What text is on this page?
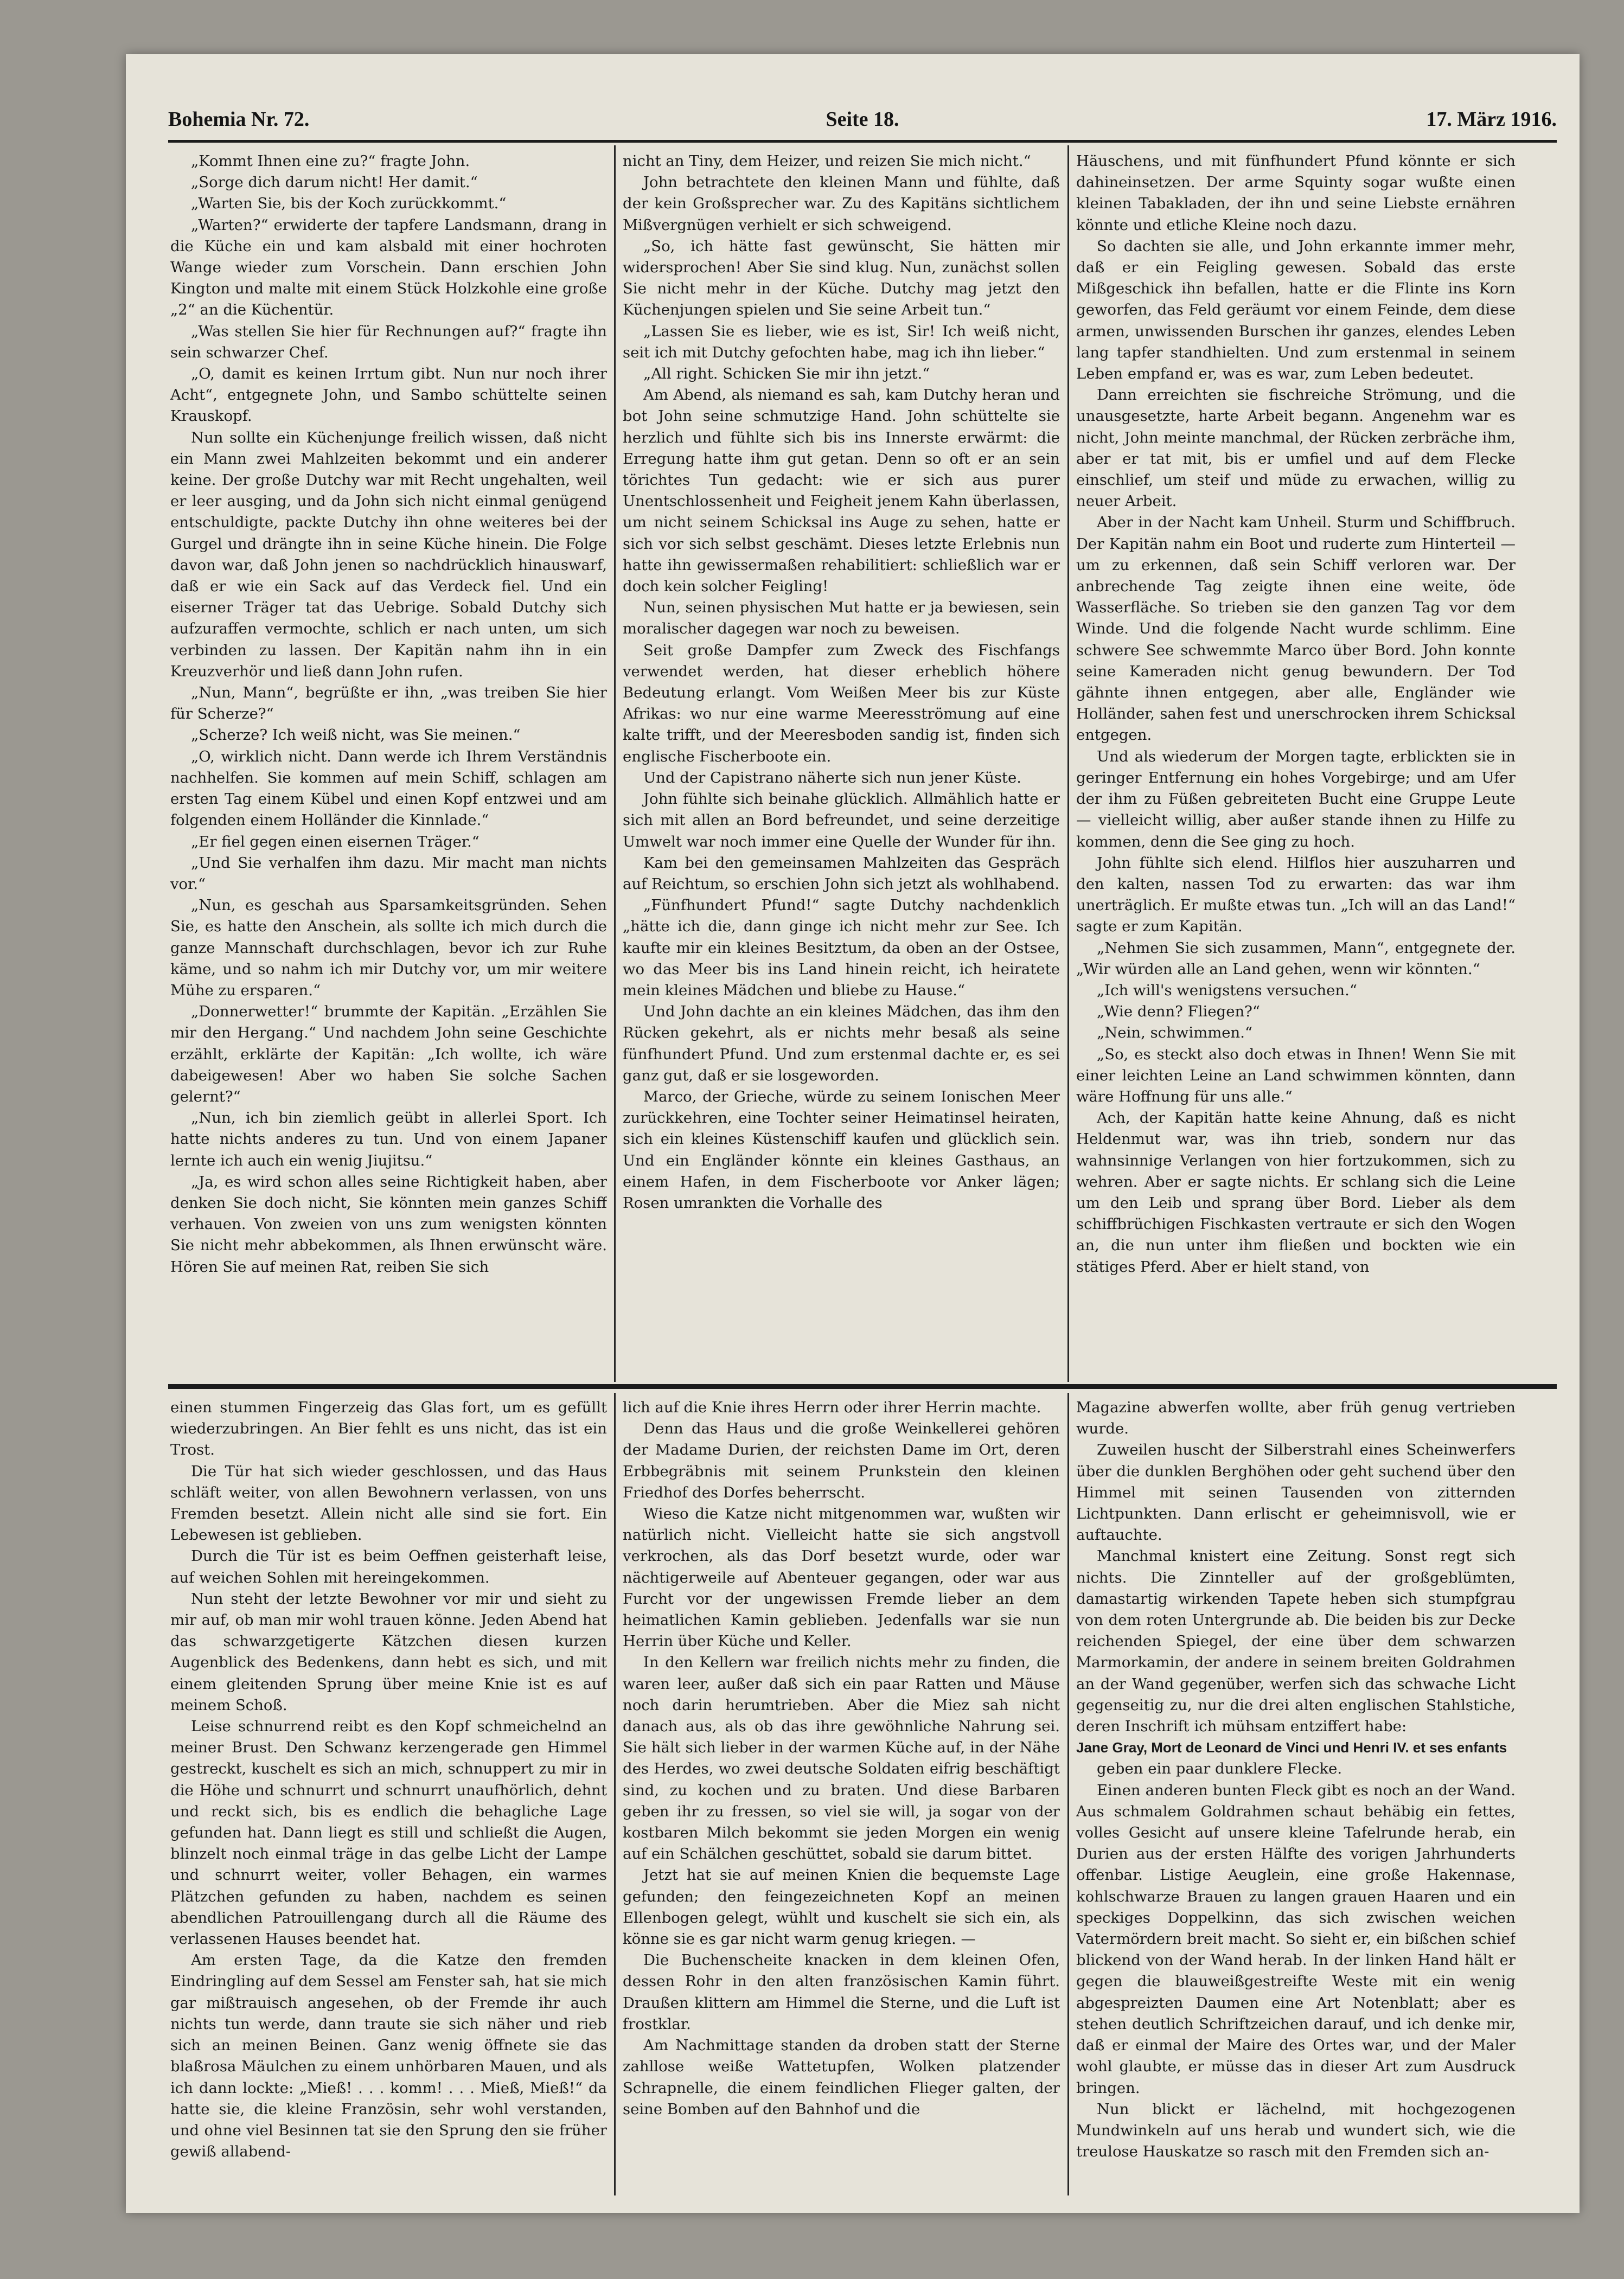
Bohemia Nr. 72.	Seite 18.	17. März 1916.

„Kommt Ihnen eine zu?“ fragte John.

„Sorge dich darum nicht! Her damit.“

„Warten Sie, bis der Koch zurückkommt.“

„Warten?“ erwiderte der tapfere Landsmann, drang in die Küche ein und kam alsbald mit einer hochroten Wange wieder zum Vorschein. Dann erschien John Kington und malte mit einem Stück Holzkohle eine große „2“ an die Küchentür.

„Was stellen Sie hier für Rechnungen auf?“ fragte ihn sein schwarzer Chef.

„O, damit es keinen Irrtum gibt. Nun nur noch ihrer Acht“, entgegnete John, und Sambo schüttelte seinen Krauskopf.

Nun sollte ein Küchenjunge freilich wissen, daß nicht ein Mann zwei Mahlzeiten bekommt und ein anderer keine. Der große Dutchy war mit Recht ungehalten, weil er leer ausging, und da John sich nicht einmal genügend entschuldigte, packte Dutchy ihn ohne weiteres bei der Gurgel und drängte ihn in seine Küche hinein. Die Folge davon war, daß John jenen so nachdrücklich hinauswarf, daß er wie ein Sack auf das Verdeck fiel. Und ein eiserner Träger tat das Uebrige. Sobald Dutchy sich aufzuraffen vermochte, schlich er nach unten, um sich verbinden zu lassen. Der Kapitän nahm ihn in ein Kreuzverhör und ließ dann John rufen.

„Nun, Mann“, begrüßte er ihn, „was treiben Sie hier für Scherze?“

„Scherze? Ich weiß nicht, was Sie meinen.“

„O, wirklich nicht. Dann werde ich Ihrem Verständnis nachhelfen. Sie kommen auf mein Schiff, schlagen am ersten Tag einem Kübel und einen Kopf entzwei und am folgenden einem Holländer die Kinnlade.“

„Er fiel gegen einen eisernen Träger.“

„Und Sie verhalfen ihm dazu. Mir macht man nichts vor.“

„Nun, es geschah aus Sparsamkeitsgründen. Sehen Sie, es hatte den Anschein, als sollte ich mich durch die ganze Mannschaft durchschlagen, bevor ich zur Ruhe käme, und so nahm ich mir Dutchy vor, um mir weitere Mühe zu ersparen.“

„Donnerwetter!“ brummte der Kapitän. „Erzählen Sie mir den Hergang.“ Und nachdem John seine Geschichte erzählt, erklärte der Kapitän: „Ich wollte, ich wäre dabeigewesen! Aber wo haben Sie solche Sachen gelernt?“

„Nun, ich bin ziemlich geübt in allerlei Sport. Ich hatte nichts anderes zu tun. Und von einem Japaner lernte ich auch ein wenig Jiujitsu.“

„Ja, es wird schon alles seine Richtigkeit haben, aber denken Sie doch nicht, Sie könnten mein ganzes Schiff verhauen. Von zweien von uns zum wenigsten könnten Sie nicht mehr abbekommen, als Ihnen erwünscht wäre. Hören Sie auf meinen Rat, reiben Sie sich

nicht an Tiny, dem Heizer, und reizen Sie mich nicht.“

John betrachtete den kleinen Mann und fühlte, daß der kein Großsprecher war. Zu des Kapitäns sichtlichem Mißvergnügen verhielt er sich schweigend.

„So, ich hätte fast gewünscht, Sie hätten mir widersprochen! Aber Sie sind klug. Nun, zunächst sollen Sie nicht mehr in der Küche. Dutchy mag jetzt den Küchenjungen spielen und Sie seine Arbeit tun.“

„Lassen Sie es lieber, wie es ist, Sir! Ich weiß nicht, seit ich mit Dutchy gefochten habe, mag ich ihn lieber.“

„All right. Schicken Sie mir ihn jetzt.“

Am Abend, als niemand es sah, kam Dutchy heran und bot John seine schmutzige Hand. John schüttelte sie herzlich und fühlte sich bis ins Innerste erwärmt: die Erregung hatte ihm gut getan. Denn so oft er an sein törichtes Tun gedacht: wie er sich aus purer Unentschlossenheit und Feigheit jenem Kahn überlassen, um nicht seinem Schicksal ins Auge zu sehen, hatte er sich vor sich selbst geschämt. Dieses letzte Erlebnis nun hatte ihn gewissermaßen rehabilitiert: schließlich war er doch kein solcher Feigling!

Nun, seinen physischen Mut hatte er ja bewiesen, sein moralischer dagegen war noch zu beweisen.

Seit große Dampfer zum Zweck des Fischfangs verwendet werden, hat dieser erheblich höhere Bedeutung erlangt. Vom Weißen Meer bis zur Küste Afrikas: wo nur eine warme Meeresströmung auf eine kalte trifft, und der Meeresboden sandig ist, finden sich englische Fischerboote ein.

Und der Capistrano näherte sich nun jener Küste.

John fühlte sich beinahe glücklich. Allmählich hatte er sich mit allen an Bord befreundet, und seine derzeitige Umwelt war noch immer eine Quelle der Wunder für ihn.

Kam bei den gemeinsamen Mahlzeiten das Gespräch auf Reichtum, so erschien John sich jetzt als wohlhabend.

„Fünfhundert Pfund!“ sagte Dutchy nachdenklich „hätte ich die, dann ginge ich nicht mehr zur See. Ich kaufte mir ein kleines Besitztum, da oben an der Ostsee, wo das Meer bis ins Land hinein reicht, ich heiratete mein kleines Mädchen und bliebe zu Hause.“

Und John dachte an ein kleines Mädchen, das ihm den Rücken gekehrt, als er nichts mehr besaß als seine fünfhundert Pfund. Und zum erstenmal dachte er, es sei ganz gut, daß er sie losgeworden.

Marco, der Grieche, würde zu seinem Ionischen Meer zurückkehren, eine Tochter seiner Heimatinsel heiraten, sich ein kleines Küstenschiff kaufen und glücklich sein. Und ein Engländer könnte ein kleines Gasthaus, an einem Hafen, in dem Fischerboote vor Anker lägen; Rosen umrankten die Vorhalle des

Häuschens, und mit fünfhundert Pfund könnte er sich dahineinsetzen. Der arme Squinty sogar wußte einen kleinen Tabakladen, der ihn und seine Liebste ernähren könnte und etliche Kleine noch dazu.

So dachten sie alle, und John erkannte immer mehr, daß er ein Feigling gewesen. Sobald das erste Mißgeschick ihn befallen, hatte er die Flinte ins Korn geworfen, das Feld geräumt vor einem Feinde, dem diese armen, unwissenden Burschen ihr ganzes, elendes Leben lang tapfer standhielten. Und zum erstenmal in seinem Leben empfand er, was es war, zum Leben bedeutet.

Dann erreichten sie fischreiche Strömung, und die unausgesetzte, harte Arbeit begann. Angenehm war es nicht, John meinte manchmal, der Rücken zerbräche ihm, aber er tat mit, bis er umfiel und auf dem Flecke einschlief, um steif und müde zu erwachen, willig zu neuer Arbeit.

Aber in der Nacht kam Unheil. Sturm und Schiffbruch. Der Kapitän nahm ein Boot und ruderte zum Hinterteil — um zu erkennen, daß sein Schiff verloren war. Der anbrechende Tag zeigte ihnen eine weite, öde Wasserfläche. So trieben sie den ganzen Tag vor dem Winde. Und die folgende Nacht wurde schlimm. Eine schwere See schwemmte Marco über Bord. John konnte seine Kameraden nicht genug bewundern. Der Tod gähnte ihnen entgegen, aber alle, Engländer wie Holländer, sahen fest und unerschrocken ihrem Schicksal entgegen.

Und als wiederum der Morgen tagte, erblickten sie in geringer Entfernung ein hohes Vorgebirge; und am Ufer der ihm zu Füßen gebreiteten Bucht eine Gruppe Leute — vielleicht willig, aber außer stande ihnen zu Hilfe zu kommen, denn die See ging zu hoch.

John fühlte sich elend. Hilflos hier auszuharren und den kalten, nassen Tod zu erwarten: das war ihm unerträglich. Er mußte etwas tun. „Ich will an das Land!“ sagte er zum Kapitän.

„Nehmen Sie sich zusammen, Mann“, entgegnete der. „Wir würden alle an Land gehen, wenn wir könnten.“

„Ich will's wenigstens versuchen.“

„Wie denn? Fliegen?“

„Nein, schwimmen.“

„So, es steckt also doch etwas in Ihnen! Wenn Sie mit einer leichten Leine an Land schwimmen könnten, dann wäre Hoffnung für uns alle.“

Ach, der Kapitän hatte keine Ahnung, daß es nicht Heldenmut war, was ihn trieb, sondern nur das wahnsinnige Verlangen von hier fortzukommen, sich zu wehren. Aber er sagte nichts. Er schlang sich die Leine um den Leib und sprang über Bord. Lieber als dem schiffbrüchigen Fischkasten vertraute er sich den Wogen an, die nun unter ihm fließen und bockten wie ein stätiges Pferd. Aber er hielt stand, von

einen stummen Fingerzeig das Glas fort, um es gefüllt wiederzubringen. An Bier fehlt es uns nicht, das ist ein Trost.

Die Tür hat sich wieder geschlossen, und das Haus schläft weiter, von allen Bewohnern verlassen, von uns Fremden besetzt. Allein nicht alle sind sie fort. Ein Lebewesen ist geblieben.

Durch die Tür ist es beim Oeffnen geisterhaft leise, auf weichen Sohlen mit hereingekommen.

Nun steht der letzte Bewohner vor mir und sieht zu mir auf, ob man mir wohl trauen könne. Jeden Abend hat das schwarzgetigerte Kätzchen diesen kurzen Augenblick des Bedenkens, dann hebt es sich, und mit einem gleitenden Sprung über meine Knie ist es auf meinem Schoß.

Leise schnurrend reibt es den Kopf schmeichelnd an meiner Brust. Den Schwanz kerzengerade gen Himmel gestreckt, kuschelt es sich an mich, schnuppert zu mir in die Höhe und schnurrt und schnurrt unaufhörlich, dehnt und reckt sich, bis es endlich die behagliche Lage gefunden hat. Dann liegt es still und schließt die Augen, blinzelt noch einmal träge in das gelbe Licht der Lampe und schnurrt weiter, voller Behagen, ein warmes Plätzchen gefunden zu haben, nachdem es seinen abendlichen Patrouillengang durch all die Räume des verlassenen Hauses beendet hat.

Am ersten Tage, da die Katze den fremden Eindringling auf dem Sessel am Fenster sah, hat sie mich gar mißtrauisch angesehen, ob der Fremde ihr auch nichts tun werde, dann traute sie sich näher und rieb sich an meinen Beinen. Ganz wenig öffnete sie das blaßrosa Mäulchen zu einem unhörbaren Mauen, und als ich dann lockte: „Mieß! . . . komm! . . . Mieß, Mieß!“ da hatte sie, die kleine Französin, sehr wohl verstanden, und ohne viel Besinnen tat sie den Sprung den sie früher gewiß allabend-

lich auf die Knie ihres Herrn oder ihrer Herrin machte.

Denn das Haus und die große Weinkellerei gehören der Madame Durien, der reichsten Dame im Ort, deren Erbbegräbnis mit seinem Prunkstein den kleinen Friedhof des Dorfes beherrscht.

Wieso die Katze nicht mitgenommen war, wußten wir natürlich nicht. Vielleicht hatte sie sich angstvoll verkrochen, als das Dorf besetzt wurde, oder war nächtigerweile auf Abenteuer gegangen, oder war aus Furcht vor der ungewissen Fremde lieber an dem heimatlichen Kamin geblieben. Jedenfalls war sie nun Herrin über Küche und Keller.

In den Kellern war freilich nichts mehr zu finden, die waren leer, außer daß sich ein paar Ratten und Mäuse noch darin herumtrieben. Aber die Miez sah nicht danach aus, als ob das ihre gewöhnliche Nahrung sei. Sie hält sich lieber in der warmen Küche auf, in der Nähe des Herdes, wo zwei deutsche Soldaten eifrig beschäftigt sind, zu kochen und zu braten. Und diese Barbaren geben ihr zu fressen, so viel sie will, ja sogar von der kostbaren Milch bekommt sie jeden Morgen ein wenig auf ein Schälchen geschüttet, sobald sie darum bittet.

Jetzt hat sie auf meinen Knien die bequemste Lage gefunden; den feingezeichneten Kopf an meinen Ellenbogen gelegt, wühlt und kuschelt sie sich ein, als könne sie es gar nicht warm genug kriegen. —

Die Buchenscheite knacken in dem kleinen Ofen, dessen Rohr in den alten französischen Kamin führt. Draußen klittern am Himmel die Sterne, und die Luft ist frostklar.

Am Nachmittage standen da droben statt der Sterne zahllose weiße Wattetupfen, Wolken platzender Schrapnelle, die einem feindlichen Flieger galten, der seine Bomben auf den Bahnhof und die

Magazine abwerfen wollte, aber früh genug vertrieben wurde.

Zuweilen huscht der Silberstrahl eines Scheinwerfers über die dunklen Berghöhen oder geht suchend über den Himmel mit seinen Tausenden von zitternden Lichtpunkten. Dann erlischt er geheimnisvoll, wie er auftauchte.

Manchmal knistert eine Zeitung. Sonst regt sich nichts. Die Zinnteller auf der großgeblümten, damastartig wirkenden Tapete heben sich stumpfgrau von dem roten Untergrunde ab. Die beiden bis zur Decke reichenden Spiegel, der eine über dem schwarzen Marmorkamin, der andere in seinem breiten Goldrahmen an der Wand gegenüber, werfen sich das schwache Licht gegenseitig zu, nur die drei alten englischen Stahlstiche, deren Inschrift ich mühsam entziffert habe:

Jane Gray, Mort de Leonard de Vinci und Henri IV. et ses enfants

geben ein paar dunklere Flecke.

Einen anderen bunten Fleck gibt es noch an der Wand. Aus schmalem Goldrahmen schaut behäbig ein fettes, volles Gesicht auf unsere kleine Tafelrunde herab, ein Durien aus der ersten Hälfte des vorigen Jahrhunderts offenbar. Listige Aeuglein, eine große Hakennase, kohlschwarze Brauen zu langen grauen Haaren und ein speckiges Doppelkinn, das sich zwischen weichen Vatermördern breit macht. So sieht er, ein bißchen schief blickend von der Wand herab. In der linken Hand hält er gegen die blauweißgestreifte Weste mit ein wenig abgespreizten Daumen eine Art Notenblatt; aber es stehen deutlich Schriftzeichen darauf, und ich denke mir, daß er einmal der Maire des Ortes war, und der Maler wohl glaubte, er müsse das in dieser Art zum Ausdruck bringen.

Nun blickt er lächelnd, mit hochgezogenen Mundwinkeln auf uns herab und wundert sich, wie die treulose Hauskatze so rasch mit den Fremden sich an-
